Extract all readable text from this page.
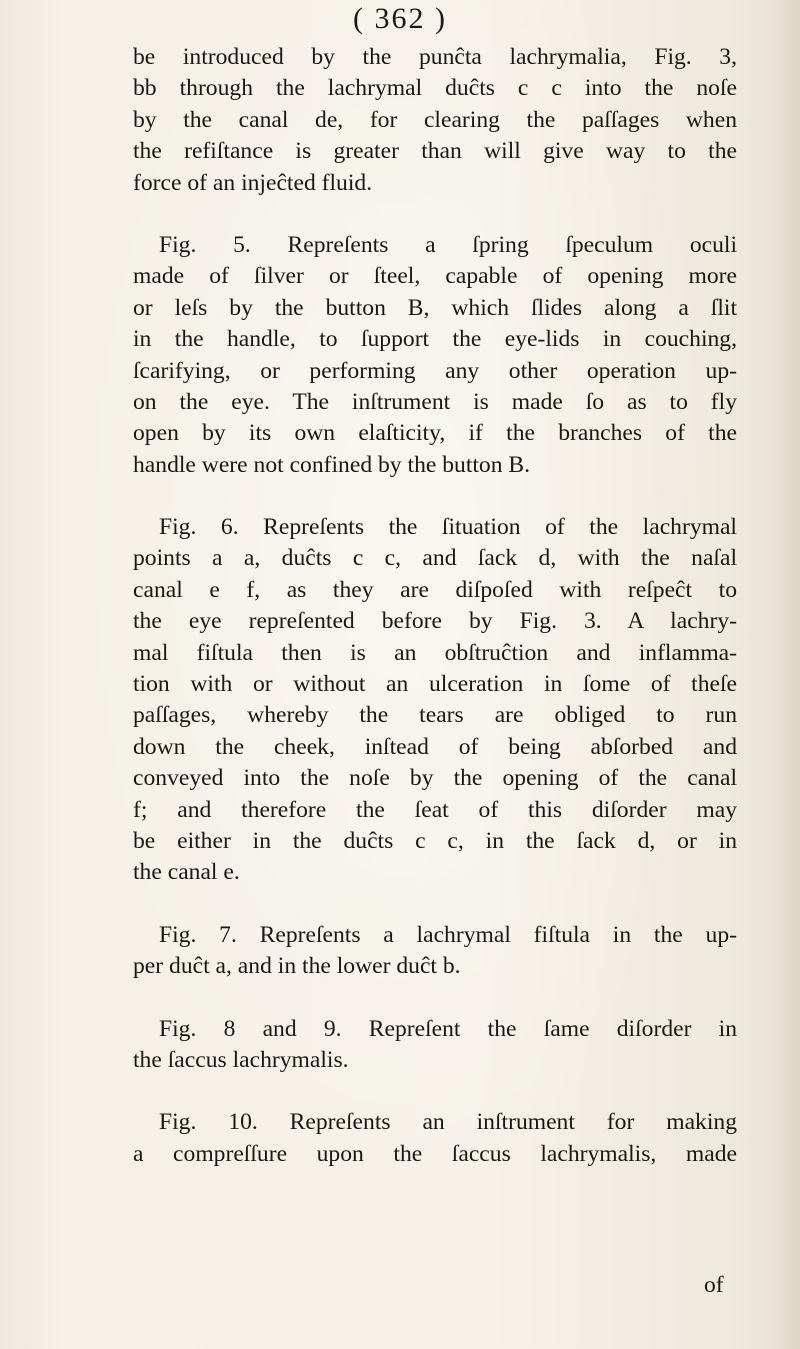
( 362 )
be introduced by the punĉta lachrymalia, Fig. 3,
bb through the lachrymal duĉts c c into the noſe
by the canal de, for clearing the paſſages when
the refiſtance is greater than will give way to the
force of an injeĉted fluid.
Fig. 5. Repreſents a ſpring ſpeculum oculi
made of ſilver or ſteel, capable of opening more
or leſs by the button B, which ſlides along a ſlit
in the handle, to ſupport the eye-lids in couching,
ſcarifying, or performing any other operation up-
on the eye. The inſtrument is made ſo as to fly
open by its own elaſticity, if the branches of the
handle were not confined by the button B.
Fig. 6. Repreſents the ſituation of the lachrymal
points a a, duĉts c c, and ſack d, with the naſal
canal e f, as they are diſpoſed with reſpeĉt to
the eye repreſented before by Fig. 3. A lachry-
mal fiſtula then is an obſtruĉtion and inflamma-
tion with or without an ulceration in ſome of theſe
paſſages, whereby the tears are obliged to run
down the cheek, inſtead of being abſorbed and
conveyed into the noſe by the opening of the canal
f; and therefore the ſeat of this diſorder may
be either in the duĉts c c, in the ſack d, or in
the canal e.
Fig. 7. Repreſents a lachrymal fiſtula in the up-
per duĉt a, and in the lower duĉt b.
Fig. 8 and 9. Repreſent the ſame diſorder in
the ſaccus lachrymalis.
Fig. 10. Repreſents an inſtrument for making
a compreſſure upon the ſaccus lachrymalis, made
of
